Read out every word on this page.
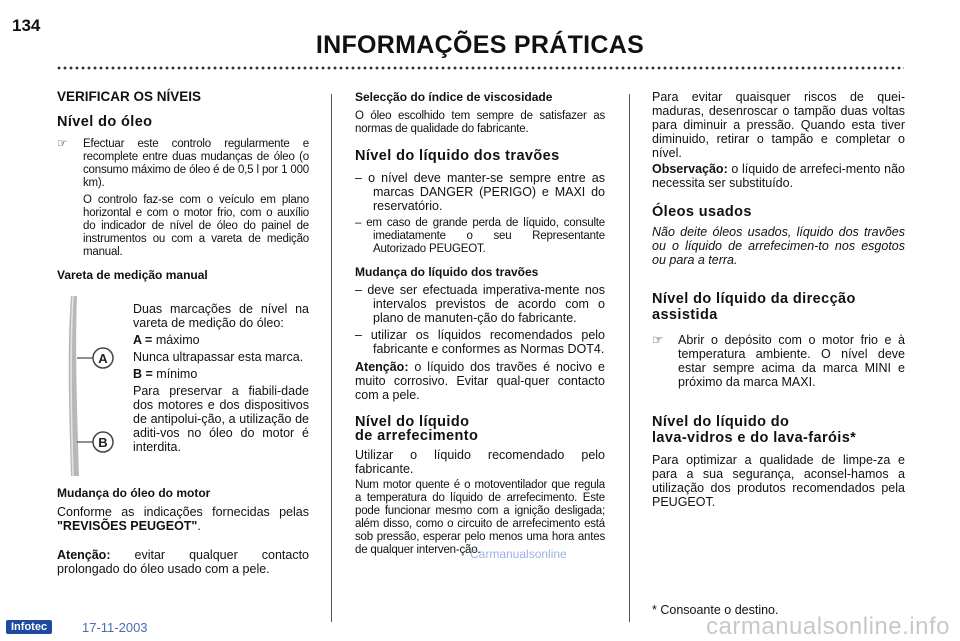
134
INFORMAÇÕES PRÁTICAS
VERIFICAR OS NÍVEIS
Nível do óleo

☞ Efectuar este controlo regularmente e recomplete entre duas mudanças de óleo (o consumo máximo de óleo é de 0,5 l por 1 000 km).

O controlo faz-se com o veículo em plano horizontal e com o motor frio, com o auxílio do indicador de nível de óleo do painel de instrumentos ou com a vareta de medição manual.

Vareta de medição manual
A
B

Duas marcações de nível na vareta de medição do óleo:

A = máximo

Nunca ultrapassar esta marca.

B = mínimo

Para preservar a fiabili-dade dos motores e dos dispositivos de antipolui-ção, a utilização de aditi-vos no óleo do motor é interdita.

Mudança do óleo do motor

Conforme as indicações fornecidas pelas "REVISÕES PEUGEOT".

Atenção: evitar qualquer contacto prolongado do óleo usado com a pele.

Selecção do índice de viscosidade

O óleo escolhido tem sempre de satisfazer as normas de qualidade do fabricante.

Nível do líquido dos travões

– o nível deve manter-se sempre entre as marcas DANGER (PERIGO) e MAXI do reservatório.

– em caso de grande perda de líquido, consulte imediatamente o seu Representante Autorizado PEUGEOT.

Mudança do líquido dos travões

– deve ser efectuada imperativa-mente nos intervalos previstos de acordo com o plano de manuten-ção do fabricante.

– utilizar os líquidos recomendados pelo fabricante e conformes as Normas DOT4.

Atenção: o líquido dos travões é nocivo e muito corrosivo. Evitar qual-quer contacto com a pele.

Nível do líquido
de arrefecimento

Utilizar o líquido recomendado pelo fabricante.

Num motor quente é o motoventilador que regula a temperatura do líquido de arrefecimento. Este pode funcionar mesmo com a ignição desligada; além disso, como o circuito de arrefecimento está sob pressão, esperar pelo menos uma hora antes de qualquer interven-ção.

Para evitar quaisquer riscos de quei-maduras, desenroscar o tampão duas voltas para diminuir a pressão. Quando esta tiver diminuido, retirar o tampão e completar o nível.

Observação: o líquido de arrefeci-mento não necessita ser substituído.

Óleos usados

Não deite óleos usados, líquido dos travões ou o líquido de arrefecimen-to nos esgotos ou para a terra.

Nível do líquido da direcção assistida

☞ Abrir o depósito com o motor frio e à temperatura ambiente. O nível deve estar sempre acima da marca MINI e próximo da marca MAXI.

Nível do líquido do
lava-vidros e do lava-faróis*

Para optimizar a qualidade de limpe-za e para a sua segurança, aconsel-hamos a utilização dos produtos recomendados pela PEUGEOT.

* Consoante o destino.
Carmanualsonline
Infotec	17-11-2003	carmanualsonline.info
